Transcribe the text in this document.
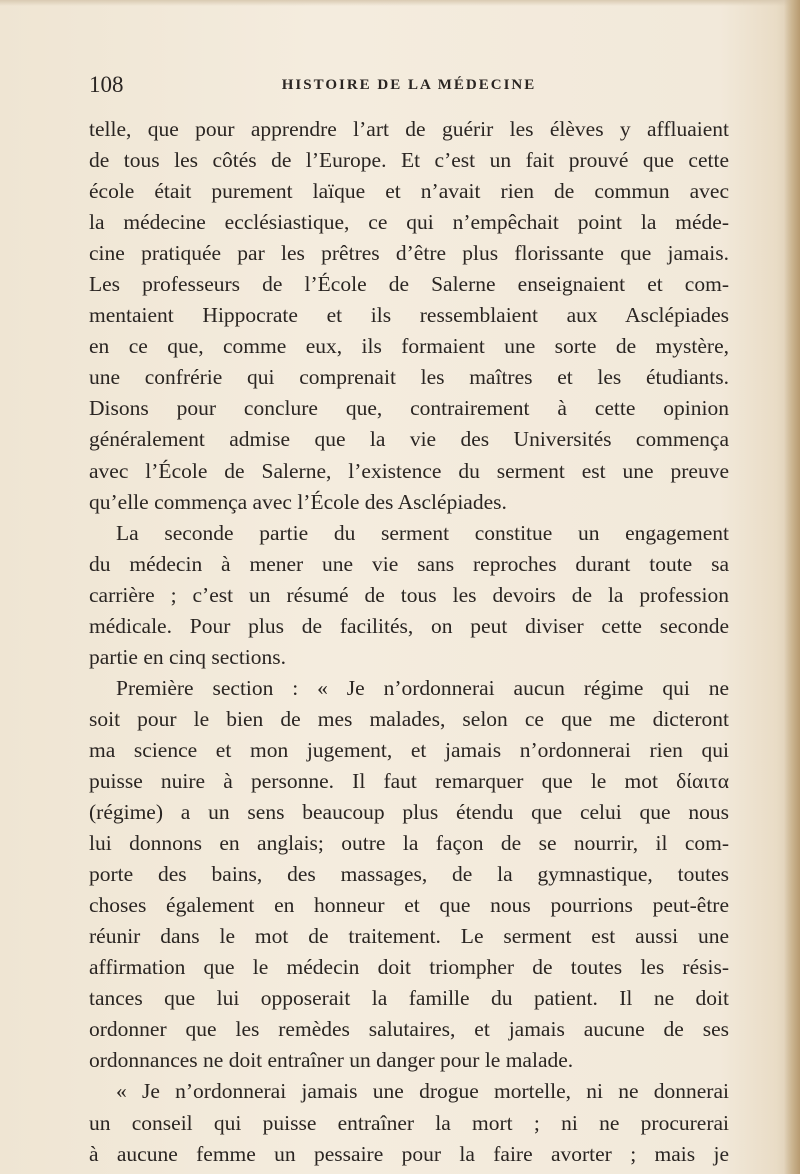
108	HISTOIRE DE LA MÉDECINE
telle, que pour apprendre l’art de guérir les élèves y affluaient
de tous les côtés de l’Europe. Et c’est un fait prouvé que cette
école était purement laïque et n’avait rien de commun avec
la médecine ecclésiastique, ce qui n’empêchait point la méde-
cine pratiquée par les prêtres d’être plus florissante que jamais.
Les professeurs de l’École de Salerne enseignaient et com-
mentaient Hippocrate et ils ressemblaient aux Asclépiades
en ce que, comme eux, ils formaient une sorte de mystère,
une confrérie qui comprenait les maîtres et les étudiants.
Disons pour conclure que, contrairement à cette opinion
généralement admise que la vie des Universités commença
avec l’École de Salerne, l’existence du serment est une preuve
qu’elle commença avec l’École des Asclépiades.
La seconde partie du serment constitue un engagement
du médecin à mener une vie sans reproches durant toute sa
carrière ; c’est un résumé de tous les devoirs de la profession
médicale. Pour plus de facilités, on peut diviser cette seconde
partie en cinq sections.
Première section : « Je n’ordonnerai aucun régime qui ne
soit pour le bien de mes malades, selon ce que me dicteront
ma science et mon jugement, et jamais n’ordonnerai rien qui
puisse nuire à personne. Il faut remarquer que le mot δίαιτα
(régime) a un sens beaucoup plus étendu que celui que nous
lui donnons en anglais; outre la façon de se nourrir, il com-
porte des bains, des massages, de la gymnastique, toutes
choses également en honneur et que nous pourrions peut-être
réunir dans le mot de traitement. Le serment est aussi une
affirmation que le médecin doit triompher de toutes les résis-
tances que lui opposerait la famille du patient. Il ne doit
ordonner que les remèdes salutaires, et jamais aucune de ses
ordonnances ne doit entraîner un danger pour le malade.
« Je n’ordonnerai jamais une drogue mortelle, ni ne donnerai
un conseil qui puisse entraîner la mort ; ni ne procurerai
à aucune femme un pessaire pour la faire avorter ; mais je
